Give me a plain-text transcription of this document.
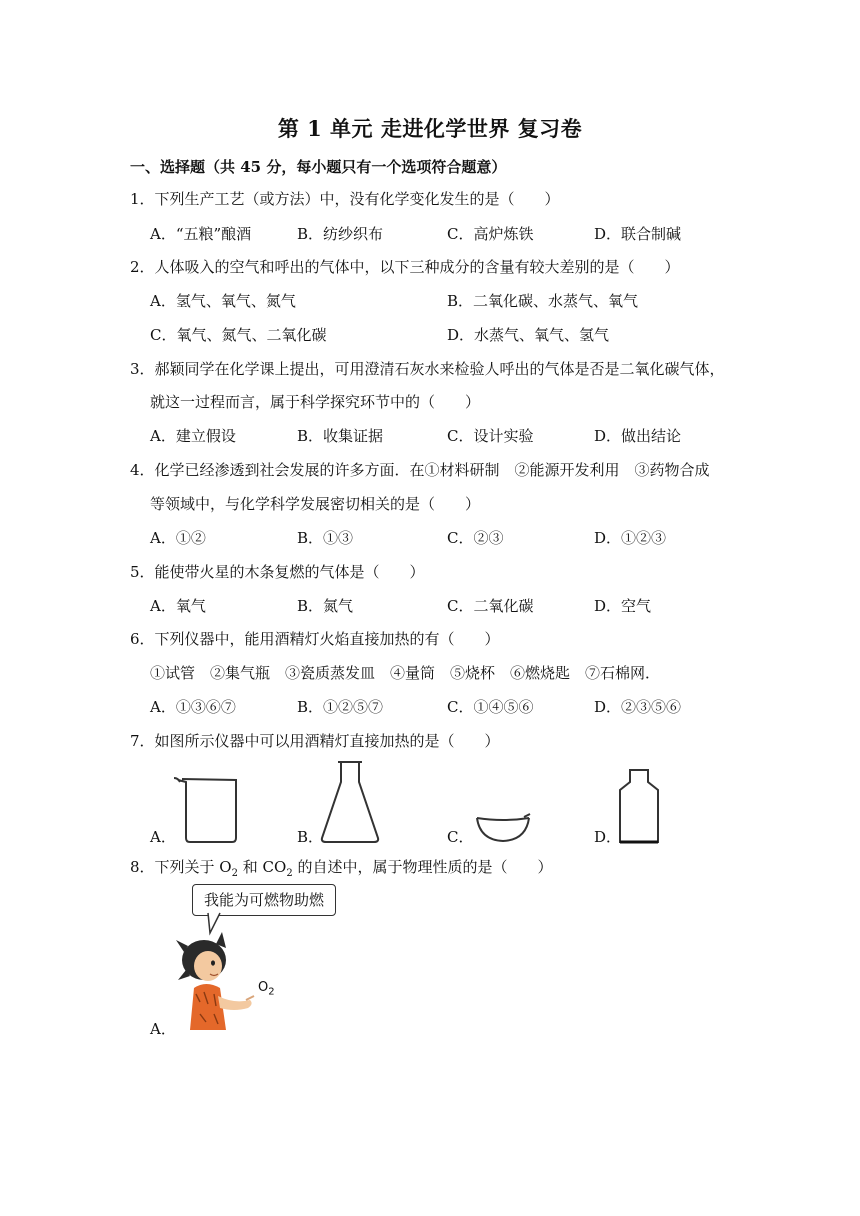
第 1 单元 走进化学世界 复习卷
一、选择题（共 45 分，每小题只有一个选项符合题意）
1．下列生产工艺（或方法）中，没有化学变化发生的是（　　）
A．“五粮”酿酒	B．纺纱织布	C．高炉炼铁	D．联合制碱
2．人体吸入的空气和呼出的气体中，以下三种成分的含量有较大差别的是（　　）
A．氢气、氧气、氮气	B．二氧化碳、水蒸气、氧气
C．氧气、氮气、二氧化碳	D．水蒸气、氧气、氢气
3．郝颖同学在化学课上提出，可用澄清石灰水来检验人呼出的气体是否是二氧化碳气体，
就这一过程而言，属于科学探究环节中的（　　）
A．建立假设	B．收集证据	C．设计实验	D．做出结论
4．化学已经渗透到社会发展的许多方面．在①材料研制　②能源开发利用　③药物合成
等领域中，与化学科学发展密切相关的是（　　）
A．①②	B．①③	C．②③	D．①②③
5．能使带火星的木条复燃的气体是（　　）
A．氧气	B．氮气	C．二氧化碳	D．空气
6．下列仪器中，能用酒精灯火焰直接加热的有（　　）
①试管　②集气瓶　③瓷质蒸发皿　④量筒　⑤烧杯　⑥燃烧匙　⑦石棉网．
A．①③⑥⑦	B．①②⑤⑦	C．①④⑤⑥	D．②③⑤⑥
7．如图所示仪器中可以用酒精灯直接加热的是（　　）
A．	B．	C．	D．
8．下列关于 $O_2$ 和 $CO_2$ 的自述中，属于物理性质的是（　　）
我能为可燃物助燃
$O_2$
A．
